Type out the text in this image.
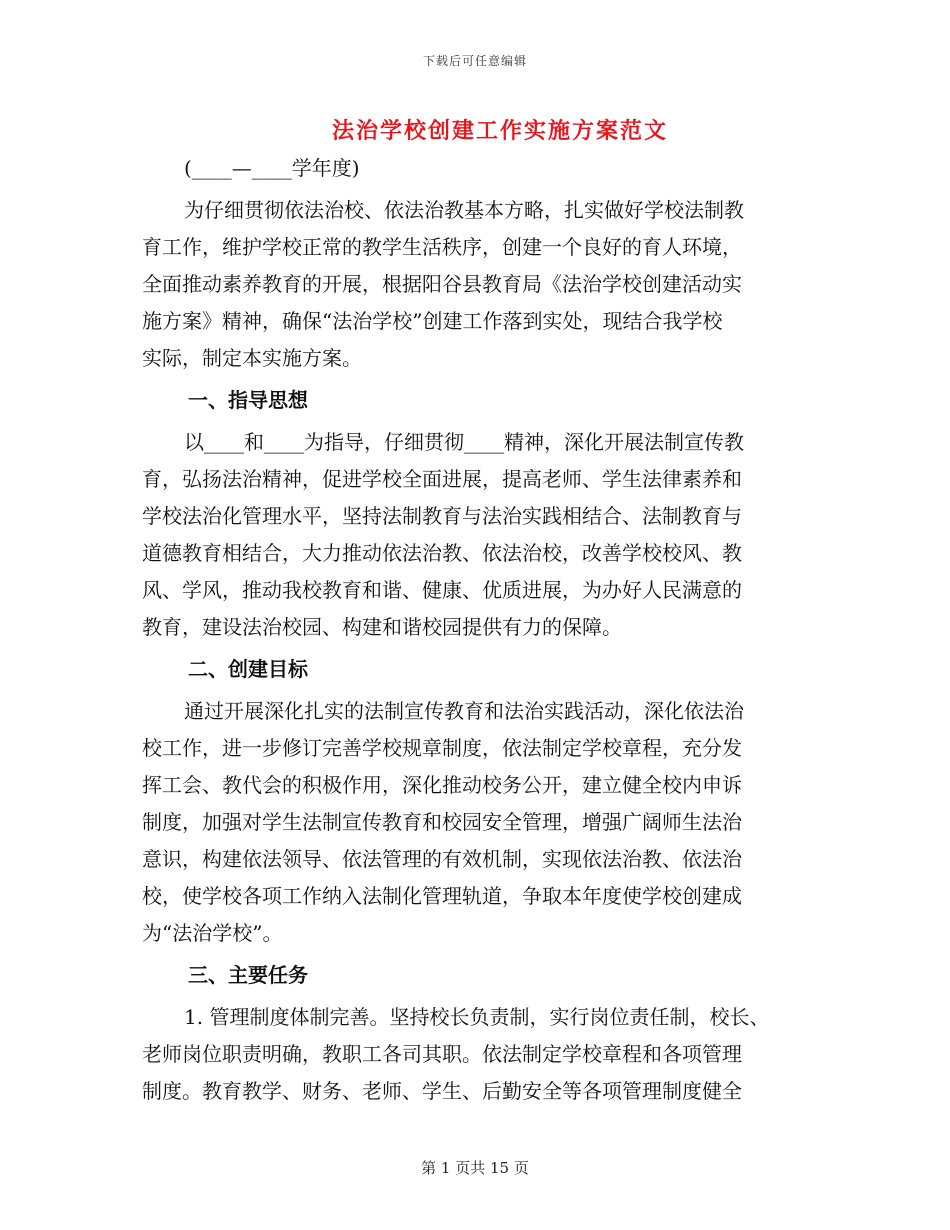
下载后可任意编辑
法治学校创建工作实施方案范文
(____—____学年度)
为仔细贯彻依法治校、依法治教基本方略，扎实做好学校法制教
育工作，维护学校正常的教学生活秩序，创建一个良好的育人环境，
全面推动素养教育的开展，根据阳谷县教育局《法治学校创建活动实
施方案》精神，确保“法治学校”创建工作落到实处，现结合我学校
实际，制定本实施方案。
一、指导思想
以____和____为指导，仔细贯彻____精神，深化开展法制宣传教
育，弘扬法治精神，促进学校全面进展，提高老师、学生法律素养和
学校法治化管理水平，坚持法制教育与法治实践相结合、法制教育与
道德教育相结合，大力推动依法治教、依法治校，改善学校校风、教
风、学风，推动我校教育和谐、健康、优质进展，为办好人民满意的
教育，建设法治校园、构建和谐校园提供有力的保障。
二、创建目标
通过开展深化扎实的法制宣传教育和法治实践活动，深化依法治
校工作，进一步修订完善学校规章制度，依法制定学校章程，充分发
挥工会、教代会的积极作用，深化推动校务公开，建立健全校内申诉
制度，加强对学生法制宣传教育和校园安全管理，增强广阔师生法治
意识，构建依法领导、依法管理的有效机制，实现依法治教、依法治
校，使学校各项工作纳入法制化管理轨道，争取本年度使学校创建成
为“法治学校”。
三、主要任务
1. 管理制度体制完善。坚持校长负责制，实行岗位责任制，校长、
老师岗位职责明确，教职工各司其职。依法制定学校章程和各项管理
制度。教育教学、财务、老师、学生、后勤安全等各项管理制度健全
第 1 页共 15 页
